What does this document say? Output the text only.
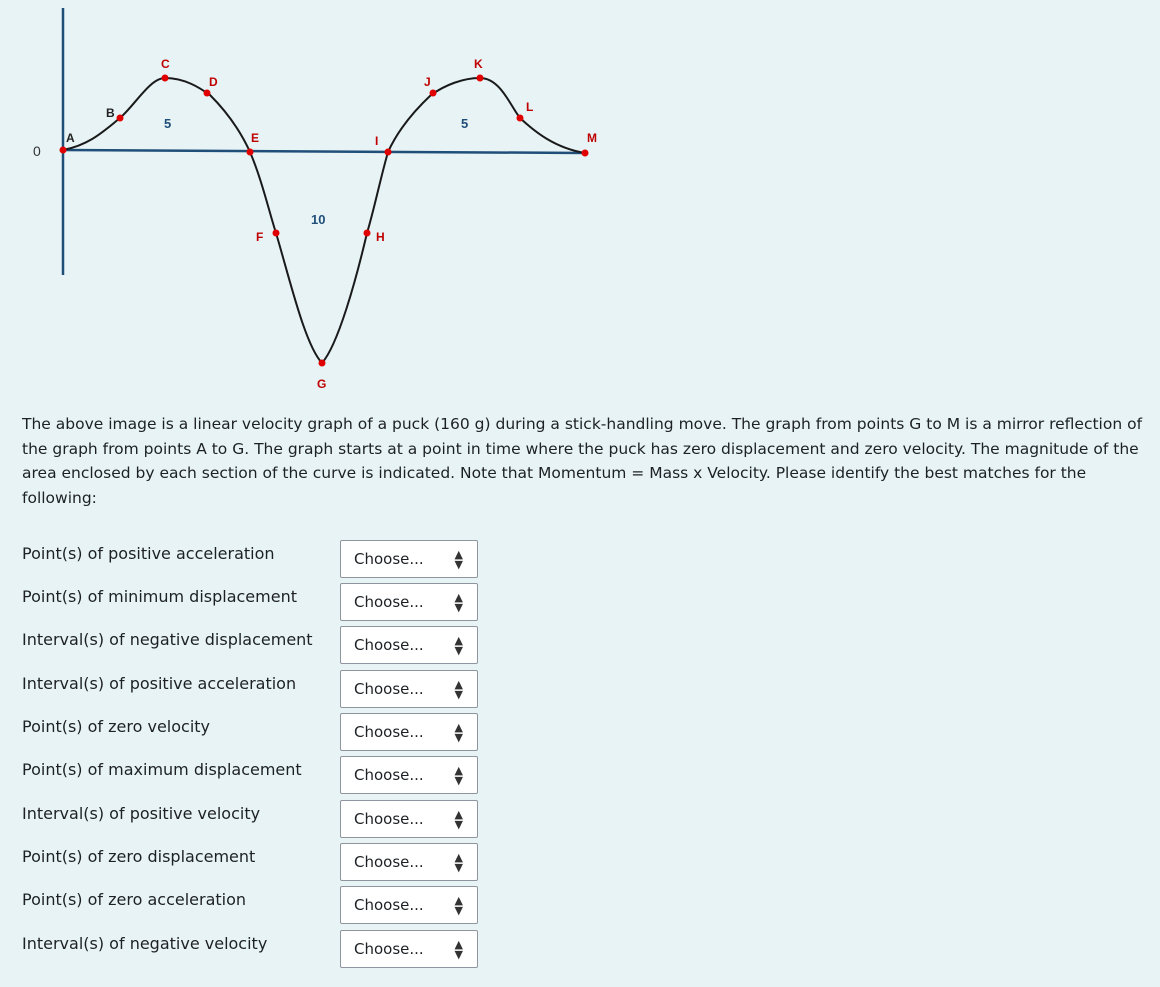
0
5	5
10
A
B
C
D
E
F
G
H
I
J
K
L
M

The above image is a linear velocity graph of a puck (160 g) during a stick-handling move. The graph from points G to M is a mirror reflection of the graph from points A to G. The graph starts at a point in time where the puck has zero displacement and zero velocity. The magnitude of the area enclosed by each section of the curve is indicated. Note that Momentum = Mass x Velocity. Please identify the best matches for the following:

Point(s) of positive acceleration	Choose...	▲
▼
Point(s) of minimum displacement	Choose...	▲
▼
Interval(s) of negative displacement	Choose...	▲
▼
Interval(s) of positive acceleration	Choose...	▲
▼
Point(s) of zero velocity	Choose...	▲
▼
Point(s) of maximum displacement	Choose...	▲
▼
Interval(s) of positive velocity	Choose...	▲
▼
Point(s) of zero displacement	Choose...	▲
▼
Point(s) of zero acceleration	Choose...	▲
▼
Interval(s) of negative velocity	Choose...	▲
▼
